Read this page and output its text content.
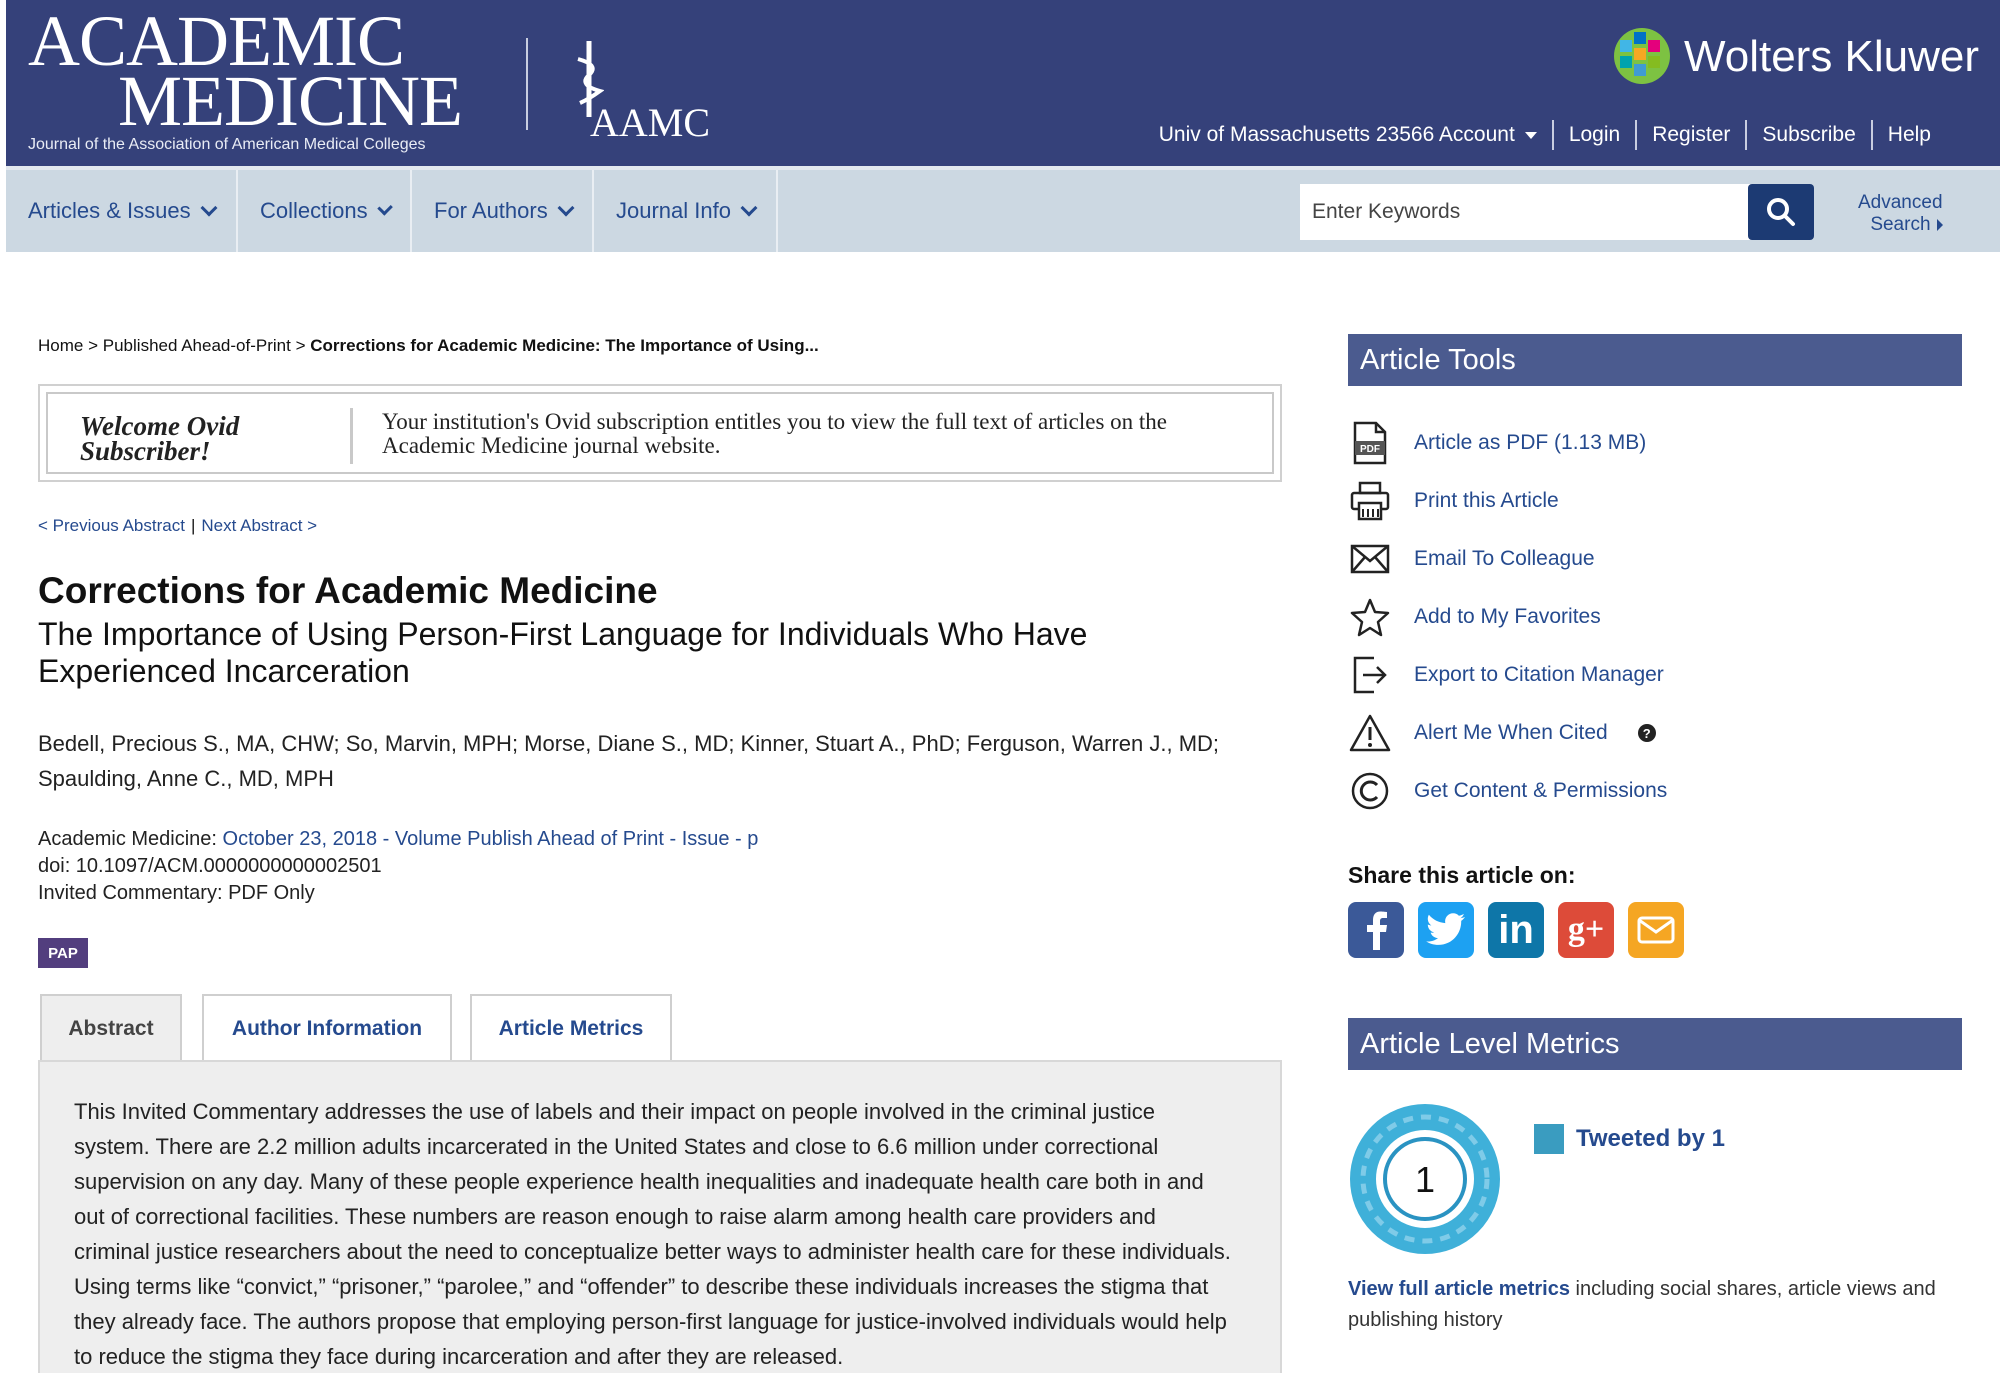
ACADEMIC
MEDICINE
Journal of the Association of American Medical Colleges	AAMC
Wolters Kluwer
Univ of Massachusetts 23566 Account	Login	Register	Subscribe	Help
Articles & Issues	Collections	For Authors	Journal Info	Enter Keywords	Advanced
Search
Home > Published Ahead-of-Print > Corrections for Academic Medicine: The Importance of Using...
Welcome Ovid Subscriber!
Your institution's Ovid subscription entitles you to view the full text of articles on the Academic Medicine journal website.
< Previous Abstract | Next Abstract >
Corrections for Academic Medicine
The Importance of Using Person-First Language for Individuals Who Have Experienced Incarceration
Bedell, Precious S., MA, CHW; So, Marvin, MPH; Morse, Diane S., MD; Kinner, Stuart A., PhD; Ferguson, Warren J., MD; Spaulding, Anne C., MD, MPH
Academic Medicine: October 23, 2018 - Volume Publish Ahead of Print - Issue - p
doi: 10.1097/ACM.0000000000002501
Invited Commentary: PDF Only
PAP
Abstract	Author Information	Article Metrics

This Invited Commentary addresses the use of labels and their impact on people involved in the criminal justice system. There are 2.2 million adults incarcerated in the United States and close to 6.6 million under correctional supervision on any day. Many of these people experience health inequalities and inadequate health care both in and out of correctional facilities. These numbers are reason enough to raise alarm among health care providers and criminal justice researchers about the need to conceptualize better ways to administer health care for these individuals. Using terms like “convict,” “prisoner,” “parolee,” and “offender” to describe these individuals increases the stigma that they already face. The authors propose that employing person-first language for justice-involved individuals would help to reduce the stigma they face during incarceration and after they are released.

Article Tools
PDF Article as PDF (1.13 MB)
Print this Article
Email To Colleague
Add to My Favorites
Export to Citation Manager
Alert Me When Cited	?
Get Content & Permissions
Share this article on:
in	g+
Article Level Metrics
1
Tweeted by 1
View full article metrics including social shares, article views and publishing history
